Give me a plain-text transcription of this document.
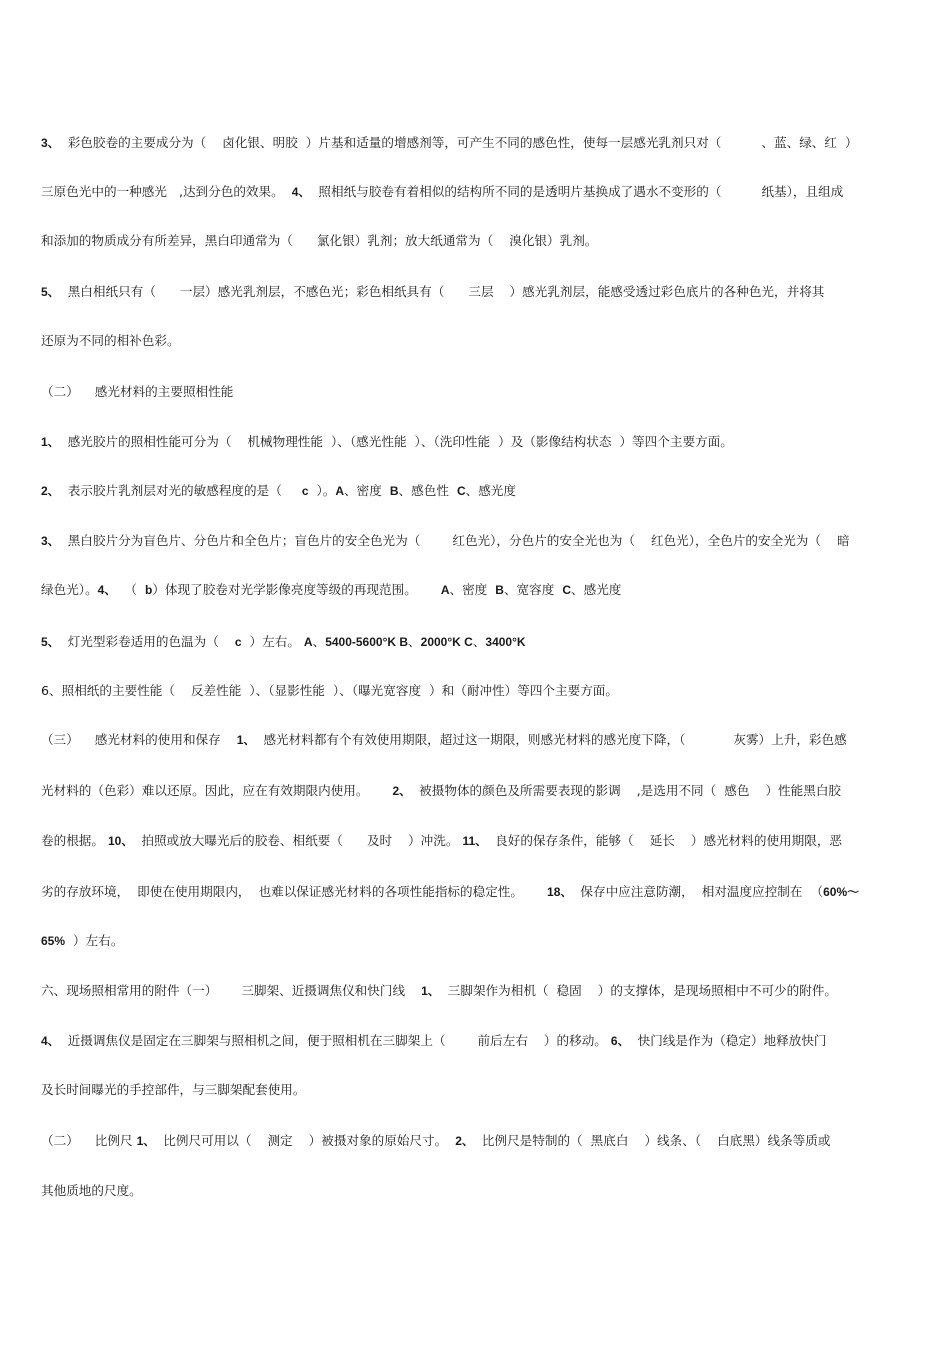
3、  彩色胶卷的主要成分为（    卤化银、明胶  ）片基和适量的增感剂等，可产生不同的感色性，使每一层感光乳剂只对（          、蓝、绿、红  ）
三原色光中的一种感光   ,达到分色的效果。  4、  照相纸与胶卷有着相似的结构所不同的是透明片基换成了遇水不变形的（          纸基），且组成
和添加的物质成分有所差异，黑白印通常为（      氯化银）乳剂；放大纸通常为（    溴化银）乳剂。
5、  黑白相纸只有（      一层）感光乳剂层，不感色光；彩色相纸具有（      三层    ）感光乳剂层，能感受透过彩色底片的各种色光，并将其
还原为不同的相补色彩。
（二）    感光材料的主要照相性能
1、  感光胶片的照相性能可分为（    机械物理性能  ）、（感光性能  ）、（洗印性能  ）及（影像结构状态  ）等四个主要方面。
2、  表示胶片乳剂层对光的敏感程度的是（     c  ）。A、密度  B、感色性  C、感光度
3、  黑白胶片分为盲色片、分色片和全色片；盲色片的安全色光为（        红色光），分色片的安全光也为（    红色光），全色片的安全光为（    暗
绿色光）。4、  （  b）体现了胶卷对光学影像亮度等级的再现范围。      A、密度  B、宽容度  C、感光度
5、  灯光型彩卷适用的色温为（    c  ）左右。 A、5400-5600°K B、2000°K C、3400°K
6、照相纸的主要性能（    反差性能  ）、（显影性能  ）、（曝光宽容度  ）和（耐冲性）等四个主要方面。
（三）    感光材料的使用和保存    1、  感光材料都有个有效使用期限，超过这一期限，则感光材料的感光度下降，（            灰雾）上升，彩色感
光材料的（色彩）难以还原。因此，应在有效期限内使用。      2、  被摄物体的颜色及所需要表现的影调    ,是选用不同（  感色    ）性能黑白胶
卷的根据。 10、  拍照或放大曝光后的胶卷、相纸要（      及时    ）冲洗。 11、  良好的保存条件，能够（    延长    ）感光材料的使用期限，恶
劣的存放环境，  即使在使用期限内，  也难以保证感光材料的各项性能指标的稳定性。      18、  保存中应注意防潮，  相对温度应控制在  （60%～
65%  ）左右。
六、现场照相常用的附件（一）      三脚架、近摄调焦仪和快门线    1、  三脚架作为相机（  稳固    ）的支撑体，是现场照相中不可少的附件。
4、  近摄调焦仪是固定在三脚架与照相机之间，便于照相机在三脚架上（        前后左右    ）的移动。 6、  快门线是作为（稳定）地释放快门
及长时间曝光的手控部件，与三脚架配套使用。
（二）    比例尺 1、  比例尺可用以（    测定    ）被摄对象的原始尺寸。  2、  比例尺是特制的（  黑底白    ）线条、（    白底黑）线条等质或
其他质地的尺度。
